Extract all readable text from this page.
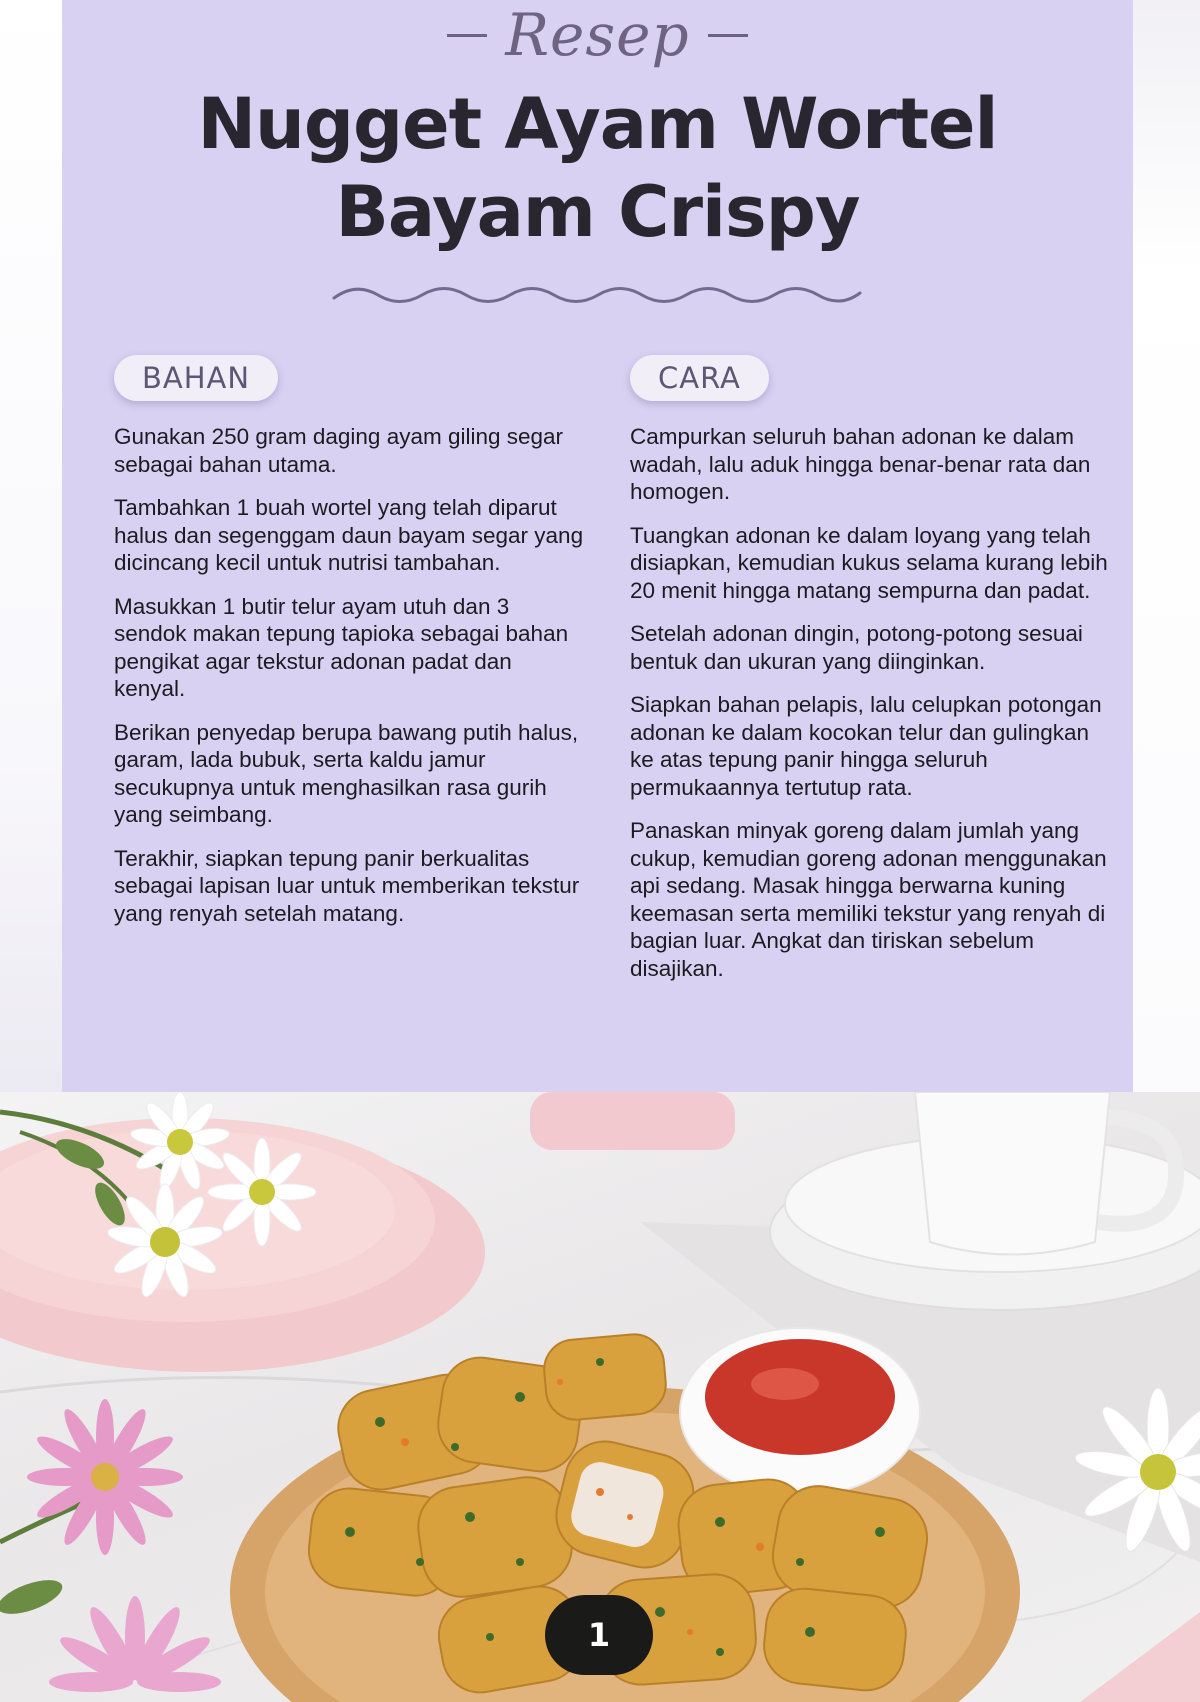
Resep
Nugget Ayam Wortel
Bayam Crispy
BAHAN

Gunakan 250 gram daging ayam giling segar sebagai bahan utama.

Tambahkan 1 buah wortel yang telah diparut halus dan segenggam daun bayam segar yang dicincang kecil untuk nutrisi tambahan.

Masukkan 1 butir telur ayam utuh dan 3 sendok makan tepung tapioka sebagai bahan pengikat agar tekstur adonan padat dan kenyal.

Berikan penyedap berupa bawang putih halus, garam, lada bubuk, serta kaldu jamur secukupnya untuk menghasilkan rasa gurih yang seimbang.

Terakhir, siapkan tepung panir berkualitas sebagai lapisan luar untuk memberikan tekstur yang renyah setelah matang.

CARA

Campurkan seluruh bahan adonan ke dalam wadah, lalu aduk hingga benar-benar rata dan homogen.

Tuangkan adonan ke dalam loyang yang telah disiapkan, kemudian kukus selama kurang lebih 20 menit hingga matang sempurna dan padat.

Setelah adonan dingin, potong-potong sesuai bentuk dan ukuran yang diinginkan.

Siapkan bahan pelapis, lalu celupkan potongan adonan ke dalam kocokan telur dan gulingkan ke atas tepung panir hingga seluruh permukaannya tertutup rata.

Panaskan minyak goreng dalam jumlah yang cukup, kemudian goreng adonan menggunakan api sedang. Masak hingga berwarna kuning keemasan serta memiliki tekstur yang renyah di bagian luar. Angkat dan tiriskan sebelum disajikan.

1
